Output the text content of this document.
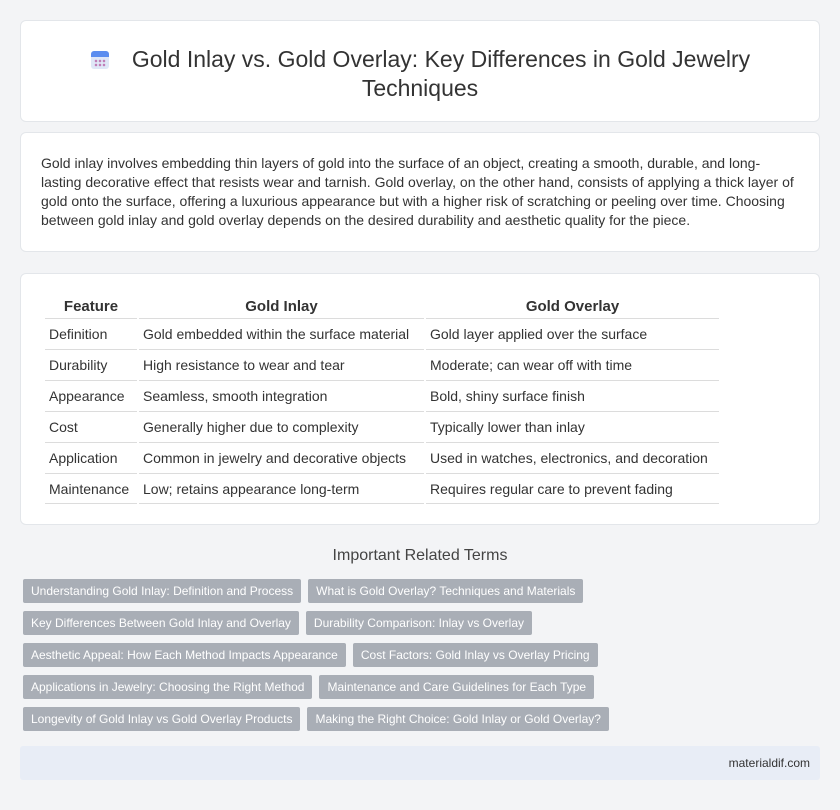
Gold Inlay vs. Gold Overlay: Key Differences in Gold Jewelry Techniques

Gold inlay involves embedding thin layers of gold into the surface of an object, creating a smooth, durable, and long-lasting decorative effect that resists wear and tarnish. Gold overlay, on the other hand, consists of applying a thick layer of gold onto the surface, offering a luxurious appearance but with a higher risk of scratching or peeling over time. Choosing between gold inlay and gold overlay depends on the desired durability and aesthetic quality for the piece.

Feature	Gold Inlay	Gold Overlay
Definition	Gold embedded within the surface material	Gold layer applied over the surface
Durability	High resistance to wear and tear	Moderate; can wear off with time
Appearance	Seamless, smooth integration	Bold, shiny surface finish
Cost	Generally higher due to complexity	Typically lower than inlay
Application	Common in jewelry and decorative objects	Used in watches, electronics, and decoration
Maintenance	Low; retains appearance long-term	Requires regular care to prevent fading
Important Related Terms
Understanding Gold Inlay: Definition and Process What is Gold Overlay? Techniques and Materials
Key Differences Between Gold Inlay and Overlay Durability Comparison: Inlay vs Overlay
Aesthetic Appeal: How Each Method Impacts Appearance Cost Factors: Gold Inlay vs Overlay Pricing
Applications in Jewelry: Choosing the Right Method Maintenance and Care Guidelines for Each Type
Longevity of Gold Inlay vs Gold Overlay Products Making the Right Choice: Gold Inlay or Gold Overlay?
materialdif.com
